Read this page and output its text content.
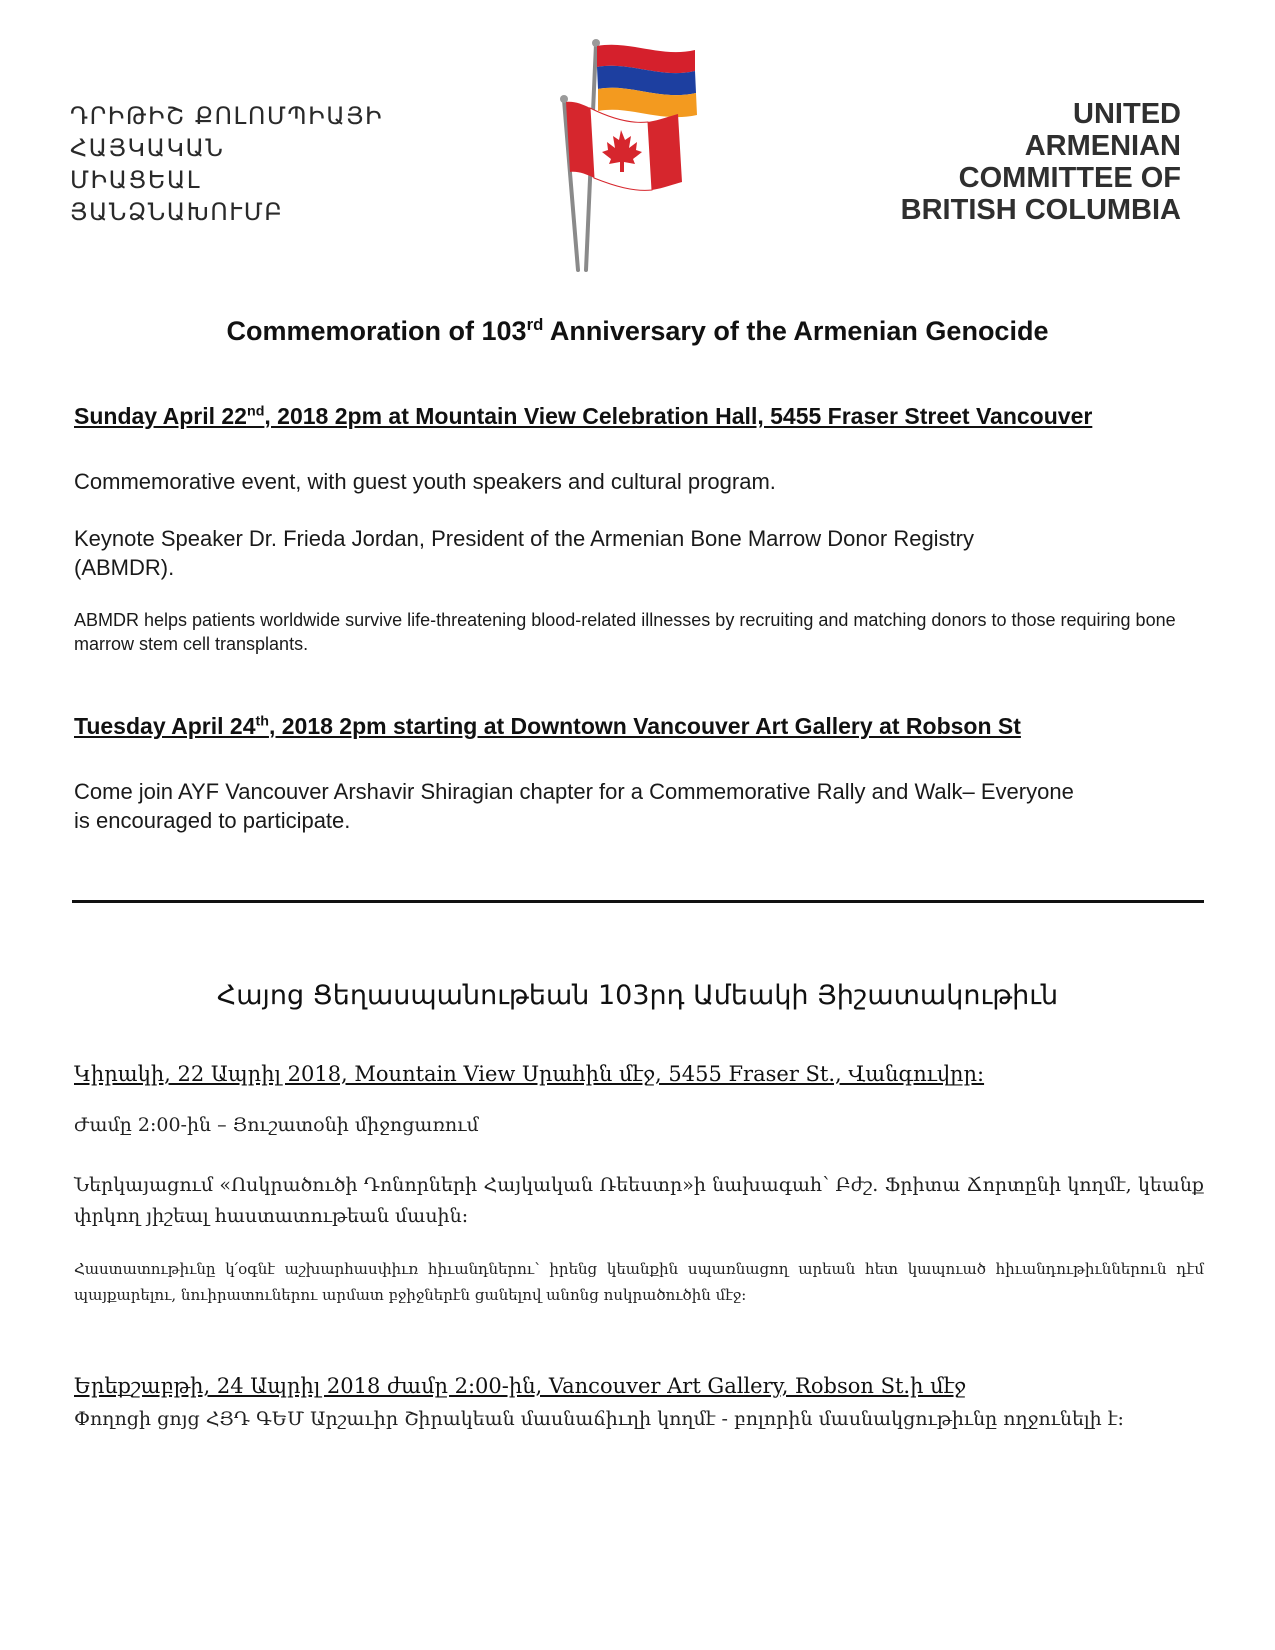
ԴՐԻԹԻՇ ՔՈԼՈՄՊԻԱՅԻ
ՀԱՅԿԱԿԱՆ
ՄԻԱՑԵԱԼ
ՅԱՆՁՆԱԽՈՒՄԲ
UNITED
ARMENIAN
COMMITTEE OF
BRITISH COLUMBIA
Commemoration of 103rd Anniversary of the Armenian Genocide
Sunday April 22nd, 2018 2pm at Mountain View Celebration Hall, 5455 Fraser Street Vancouver
Commemorative event, with guest youth speakers and cultural program.
Keynote Speaker Dr. Frieda Jordan, President of the Armenian Bone Marrow Donor Registry (ABMDR).
ABMDR helps patients worldwide survive life-threatening blood-related illnesses by recruiting and matching donors to those requiring bone marrow stem cell transplants.
Tuesday April 24th, 2018 2pm starting at Downtown Vancouver Art Gallery at Robson St
Come join AYF Vancouver Arshavir Shiragian chapter for a Commemorative Rally and Walk– Everyone is encouraged to participate.
Հայոց Ցեղասպանութեան 103րդ Ամեակի Յիշատակութիւն
Կիրակի, 22 Ապրիլ 2018, Mountain View Սրահին մէջ, 5455 Fraser St., Վանգուվըր:
Ժամը 2:00-ին – Յուշատօնի միջոցառում
Ներկայացում «Ոսկրածուծի Դոնորների Հայկական Ռեեստր»ի նախագահ՝ Բժշ. Ֆրիտա Ճորտընի կողմէ, կեանք փրկող յիշեալ հաստատութեան մասին։
Հաստատութիւնը կ՛օգնէ աշխարհասփիւռ հիւանդներու՝ իրենց կեանքին սպառնացող արեան հետ կապուած հիւանդութիւններուն դէմ պայքարելու, նուիրատուներու արմատ բջիջներէն ցանելով անոնց ոսկրածուծին մէջ։
Երեքշաբթի, 24 Ապրիլ 2018 ժամը 2:00-ին, Vancouver Art Gallery, Robson St.ի մէջ
Փողոցի ցոյց ՀՅԴ ԳԵՄ Արշաւիր Շիրակեան մասնաճիւղի կողմէ - բոլորին մասնակցութիւնը ողջունելի է։
